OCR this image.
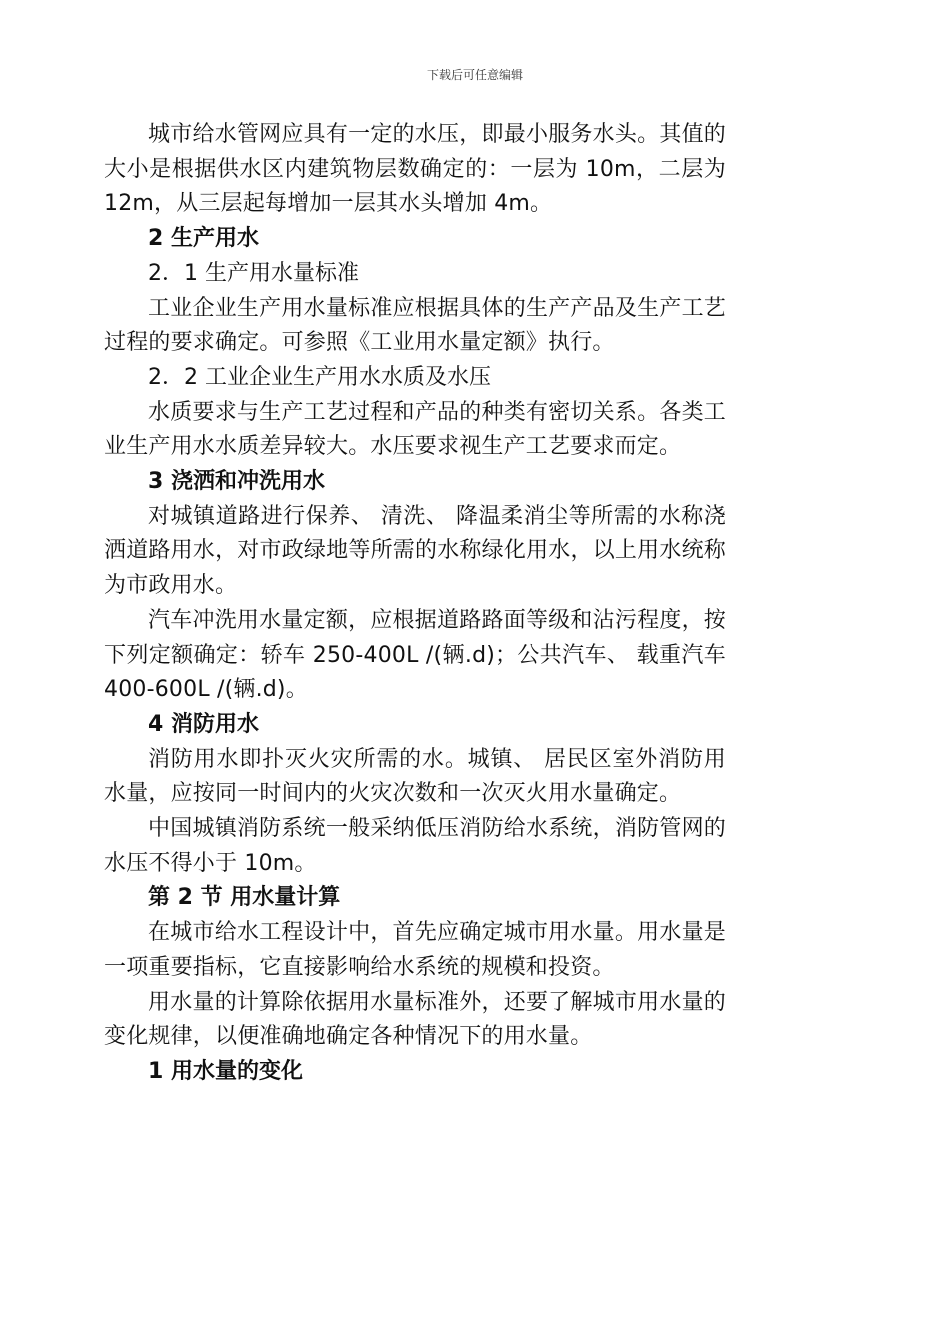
下载后可任意编辑

城市给水管网应具有一定的水压，即最小服务水头。其值的大小是根据供水区内建筑物层数确定的：一层为 10m，二层为 12m，从三层起每增加一层其水头增加 4m。

2 生产用水

2．1 生产用水量标准

工业企业生产用水量标准应根据具体的生产产品及生产工艺过程的要求确定。可参照《工业用水量定额》执行。

2．2 工业企业生产用水水质及水压

水质要求与生产工艺过程和产品的种类有密切关系。各类工业生产用水水质差异较大。水压要求视生产工艺要求而定。

3 浇洒和冲洗用水

对城镇道路进行保养、 清洗、 降温柔消尘等所需的水称浇洒道路用水，对市政绿地等所需的水称绿化用水，以上用水统称为市政用水。

汽车冲洗用水量定额，应根据道路路面等级和沾污程度，按下列定额确定：轿车 250-400L /(辆.d)；公共汽车、 载重汽车 400-600L /(辆.d)。

4 消防用水

消防用水即扑灭火灾所需的水。城镇、 居民区室外消防用水量，应按同一时间内的火灾次数和一次灭火用水量确定。

中国城镇消防系统一般采纳低压消防给水系统，消防管网的水压不得小于 10m。

第 2 节 用水量计算

在城市给水工程设计中，首先应确定城市用水量。用水量是一项重要指标，它直接影响给水系统的规模和投资。

用水量的计算除依据用水量标准外，还要了解城市用水量的变化规律，以便准确地确定各种情况下的用水量。

1 用水量的变化
